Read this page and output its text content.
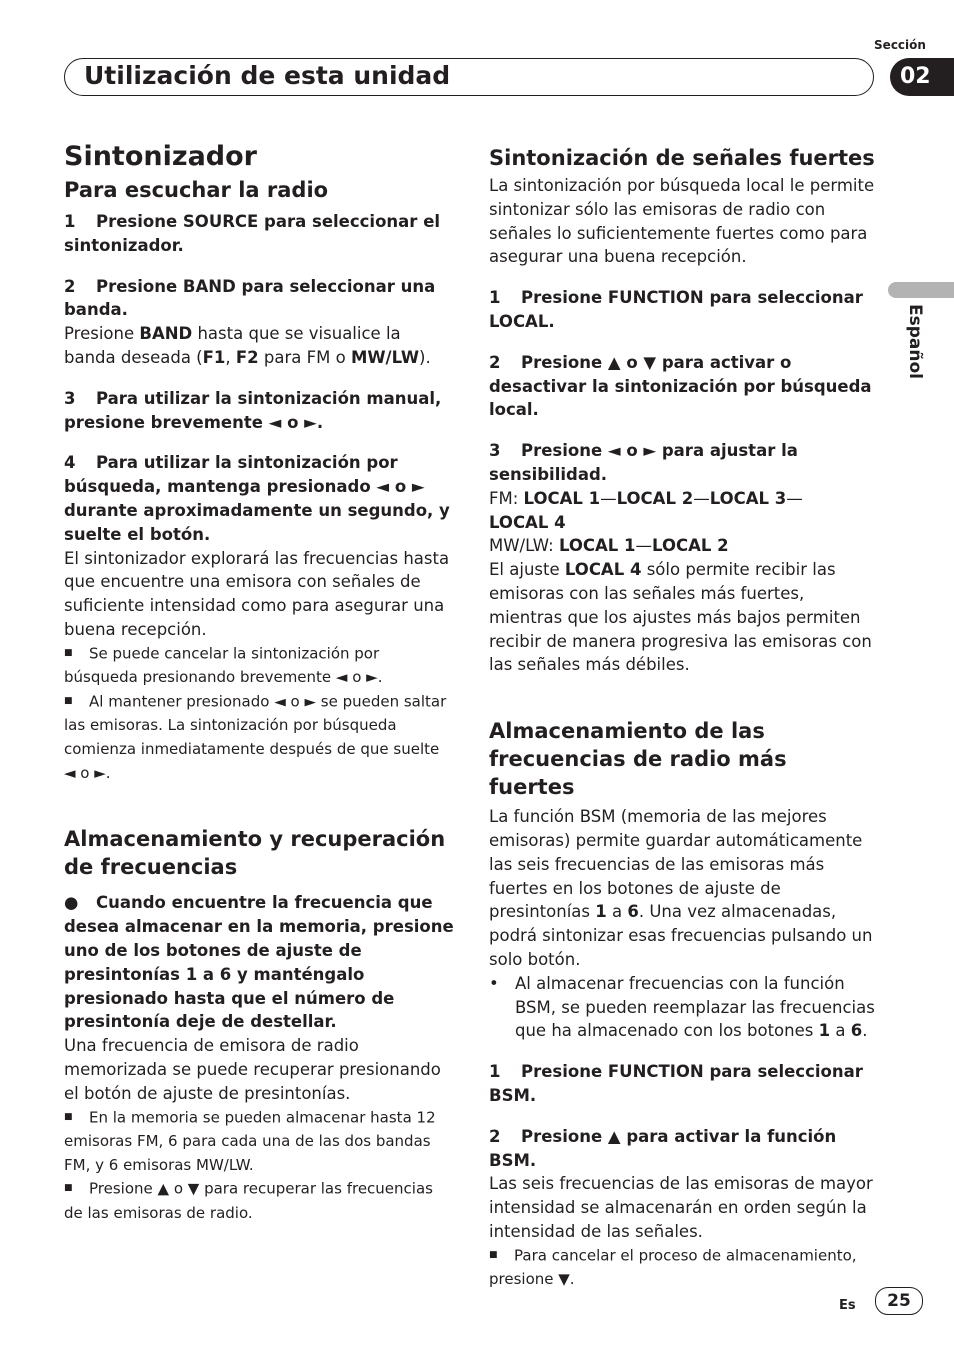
Utilización de esta unidad
Sección
02
Español
Sintonizador
Para escuchar la radio

1 Presione SOURCE para seleccionar el sintonizador.

2 Presione BAND para seleccionar una banda.

Presione BAND hasta que se visualice la banda deseada (F1, F2 para FM o MW/LW).

3 Para utilizar la sintonización manual, presione brevemente ◄ o ►.

4 Para utilizar la sintonización por búsqueda, mantenga presionado ◄ o ► durante aproximadamente un segundo, y suelte el botón.

El sintonizador explorará las frecuencias hasta que encuentre una emisora con señales de suficiente intensidad como para asegurar una buena recepción.

■ Se puede cancelar la sintonización por búsqueda presionando brevemente ◄ o ►.

■ Al mantener presionado ◄ o ► se pueden saltar las emisoras. La sintonización por búsqueda comienza inmediatamente después de que suelte ◄ o ►.

Almacenamiento y recuperación de frecuencias

● Cuando encuentre la frecuencia que desea almacenar en la memoria, presione uno de los botones de ajuste de presintonías 1 a 6 y manténgalo presionado hasta que el número de presintonía deje de destellar.

Una frecuencia de emisora de radio memorizada se puede recuperar presionando el botón de ajuste de presintonías.

■ En la memoria se pueden almacenar hasta 12 emisoras FM, 6 para cada una de las dos bandas FM, y 6 emisoras MW/LW.

■ Presione ▲ o ▼ para recuperar las frecuencias de las emisoras de radio.

Sintonización de señales fuertes

La sintonización por búsqueda local le permite sintonizar sólo las emisoras de radio con señales lo suficientemente fuertes como para asegurar una buena recepción.

1 Presione FUNCTION para seleccionar LOCAL.

2 Presione ▲ o ▼ para activar o desactivar la sintonización por búsqueda local.

3 Presione ◄ o ► para ajustar la sensibilidad.

FM: LOCAL 1—LOCAL 2—LOCAL 3—
LOCAL 4

MW/LW: LOCAL 1—LOCAL 2

El ajuste LOCAL 4 sólo permite recibir las emisoras con las señales más fuertes, mientras que los ajustes más bajos permiten recibir de manera progresiva las emisoras con las señales más débiles.

Almacenamiento de las frecuencias de radio más fuertes

La función BSM (memoria de las mejores emisoras) permite guardar automáticamente las seis frecuencias de las emisoras más fuertes en los botones de ajuste de presintonías 1 a 6. Una vez almacenadas, podrá sintonizar esas frecuencias pulsando un solo botón.

• Al almacenar frecuencias con la función BSM, se pueden reemplazar las frecuencias que ha almacenado con los botones 1 a 6.

1 Presione FUNCTION para seleccionar BSM.

2 Presione ▲ para activar la función BSM.

Las seis frecuencias de las emisoras de mayor intensidad se almacenarán en orden según la intensidad de las señales.

■ Para cancelar el proceso de almacenamiento, presione ▼.

Es	25
